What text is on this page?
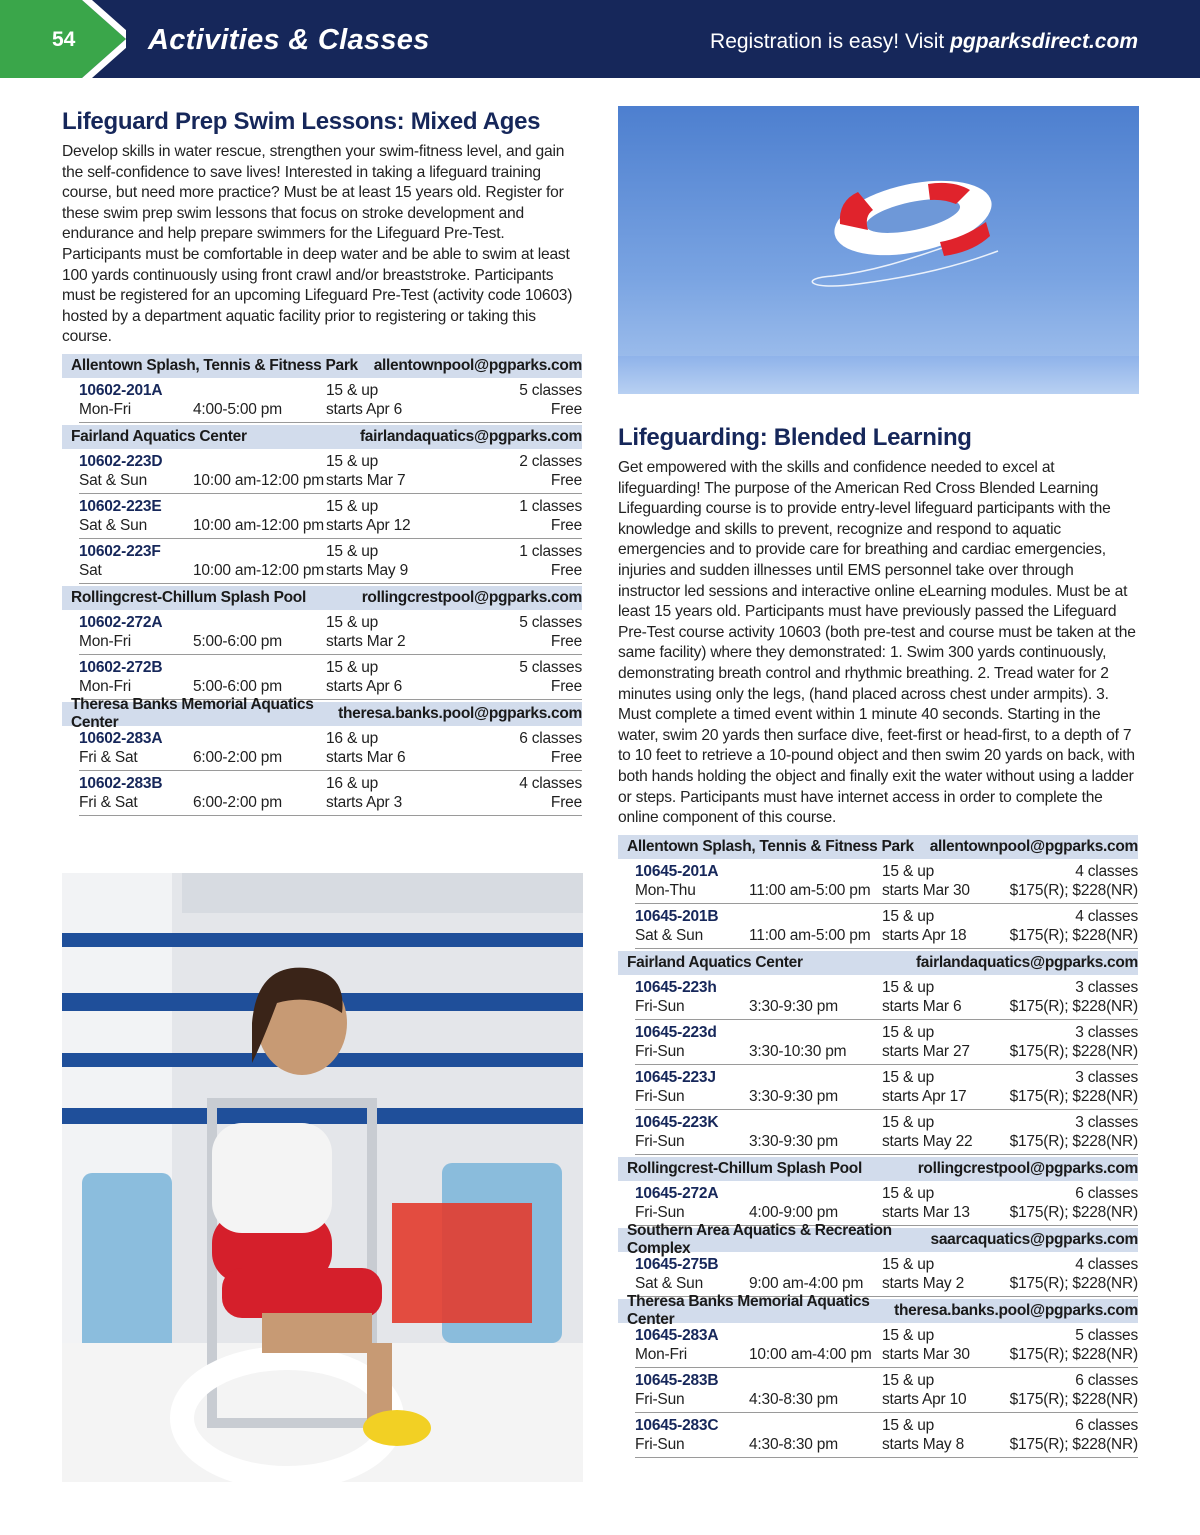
54	Activities & Classes	Registration is easy! Visit pgparksdirect.com
Lifeguard Prep Swim Lessons: Mixed Ages

Develop skills in water rescue, strengthen your swim-fitness level, and gain the self-confidence to save lives! Interested in taking a lifeguard training course, but need more practice? Must be at least 15 years old. Register for these swim prep swim lessons that focus on stroke development and endurance and help prepare swimmers for the Lifeguard Pre-Test. Participants must be comfortable in deep water and be able to swim at least 100 yards continuously using front crawl and/or breaststroke. Participants must be registered for an upcoming Lifeguard Pre-Test (activity code 10603) hosted by a department aquatic facility prior to registering or taking this course.

Allentown Splash, Tennis & Fitness Park allentownpool@pgparks.com
10602-201A	15 & up	5 classes
Mon-Fri	4:00-5:00 pm	starts Apr 6	Free
Fairland Aquatics Center	fairlandaquatics@pgparks.com
10602-223D	15 & up	2 classes
Sat & Sun	10:00 am-12:00 pm starts Mar 7	Free
10602-223E	15 & up	1 classes
Sat & Sun	10:00 am-12:00 pm starts Apr 12	Free
10602-223F	15 & up	1 classes
Sat	10:00 am-12:00 pm starts May 9	Free
Rollingcrest-Chillum Splash Pool	rollingcrestpool@pgparks.com
10602-272A	15 & up	5 classes
Mon-Fri	5:00-6:00 pm	starts Mar 2	Free
10602-272B	15 & up	5 classes
Mon-Fri	5:00-6:00 pm	starts Apr 6	Free
Theresa Banks Memorial Aquatics Center
theresa.banks.pool@pgparks.com
10602-283A	16 & up	6 classes
Fri & Sat	6:00-2:00 pm	starts Mar 6	Free
10602-283B	16 & up	4 classes
Fri & Sat	6:00-2:00 pm	starts Apr 3	Free
Lifeguarding: Blended Learning

Get empowered with the skills and confidence needed to excel at lifeguarding! The purpose of the American Red Cross Blended Learning Lifeguarding course is to provide entry-level lifeguard participants with the knowledge and skills to prevent, recognize and respond to aquatic emergencies and to provide care for breathing and cardiac emergencies, injuries and sudden illnesses until EMS personnel take over through instructor led sessions and interactive online eLearning modules. Must be at least 15 years old. Participants must have previously passed the Lifeguard Pre-Test course activity 10603 (both pre-test and course must be taken at the same facility) where they demonstrated: 1. Swim 300 yards continuously, demonstrating breath control and rhythmic breathing. 2. Tread water for 2 minutes using only the legs, (hand placed across chest under armpits). 3. Must complete a timed event within 1 minute 40 seconds. Starting in the water, swim 20 yards then surface dive, feet-first or head-first, to a depth of 7 to 10 feet to retrieve a 10-pound object and then swim 20 yards on back, with both hands holding the object and finally exit the water without using a ladder or steps. Participants must have internet access in order to complete the online component of this course.

Allentown Splash, Tennis & Fitness Park allentownpool@pgparks.com
10645-201A	15 & up	4 classes
Mon-Thu	11:00 am-5:00 pm starts Mar 30	$175(R); $228(NR)
10645-201B	15 & up	4 classes
Sat & Sun	11:00 am-5:00 pm starts Apr 18	$175(R); $228(NR)
Fairland Aquatics Center	fairlandaquatics@pgparks.com
10645-223h	15 & up	3 classes
Fri-Sun	3:30-9:30 pm	starts Mar 6	$175(R); $228(NR)
10645-223d	15 & up	3 classes
Fri-Sun	3:30-10:30 pm	starts Mar 27	$175(R); $228(NR)
10645-223J	15 & up	3 classes
Fri-Sun	3:30-9:30 pm	starts Apr 17	$175(R); $228(NR)
10645-223K	15 & up	3 classes
Fri-Sun	3:30-9:30 pm	starts May 22 $175(R); $228(NR)
Rollingcrest-Chillum Splash Pool	rollingcrestpool@pgparks.com
10645-272A	15 & up	6 classes
Fri-Sun	4:00-9:00 pm	starts Mar 13	$175(R); $228(NR)
Southern Area Aquatics & Recreation Complex
saarcaquatics@pgparks.com
10645-275B	15 & up	4 classes
Sat & Sun	9:00 am-4:00 pm	starts May 2	$175(R); $228(NR)
Theresa Banks Memorial Aquatics Center
theresa.banks.pool@pgparks.com
10645-283A	15 & up	5 classes
Mon-Fri	10:00 am-4:00 pm starts Mar 30	$175(R); $228(NR)
10645-283B	15 & up	6 classes
Fri-Sun	4:30-8:30 pm	starts Apr 10	$175(R); $228(NR)
10645-283C	15 & up	6 classes
Fri-Sun	4:30-8:30 pm	starts May 8	$175(R); $228(NR)
